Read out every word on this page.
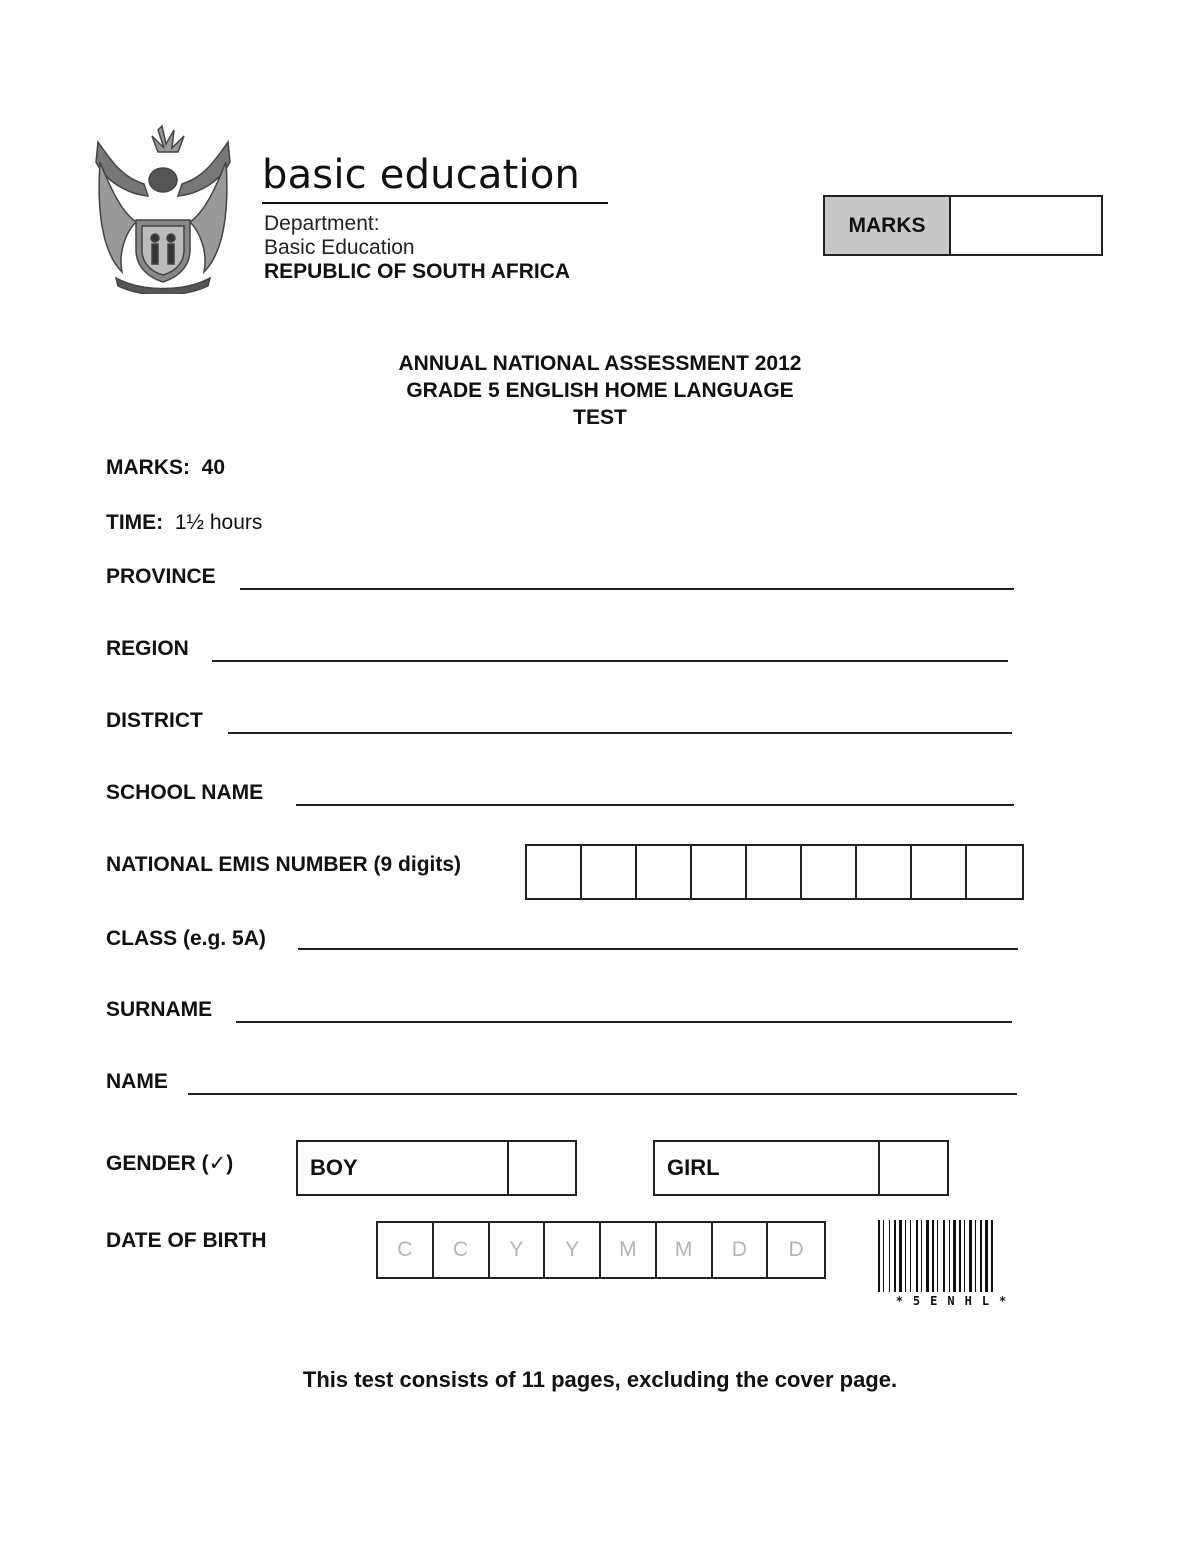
basic education
Department:
Basic Education
REPUBLIC OF SOUTH AFRICA
MARKS
ANNUAL NATIONAL ASSESSMENT 2012
GRADE 5 ENGLISH HOME LANGUAGE
TEST
MARKS: 40
TIME: 1½ hours
PROVINCE
REGION
DISTRICT
SCHOOL NAME
NATIONAL EMIS NUMBER (9 digits)
CLASS (e.g. 5A)
SURNAME
NAME
GENDER (✓)	BOY	GIRL
DATE OF BIRTH	C	C	Y	Y	M	M	D	D
*5ENHL*
This test consists of 11 pages, excluding the cover page.
